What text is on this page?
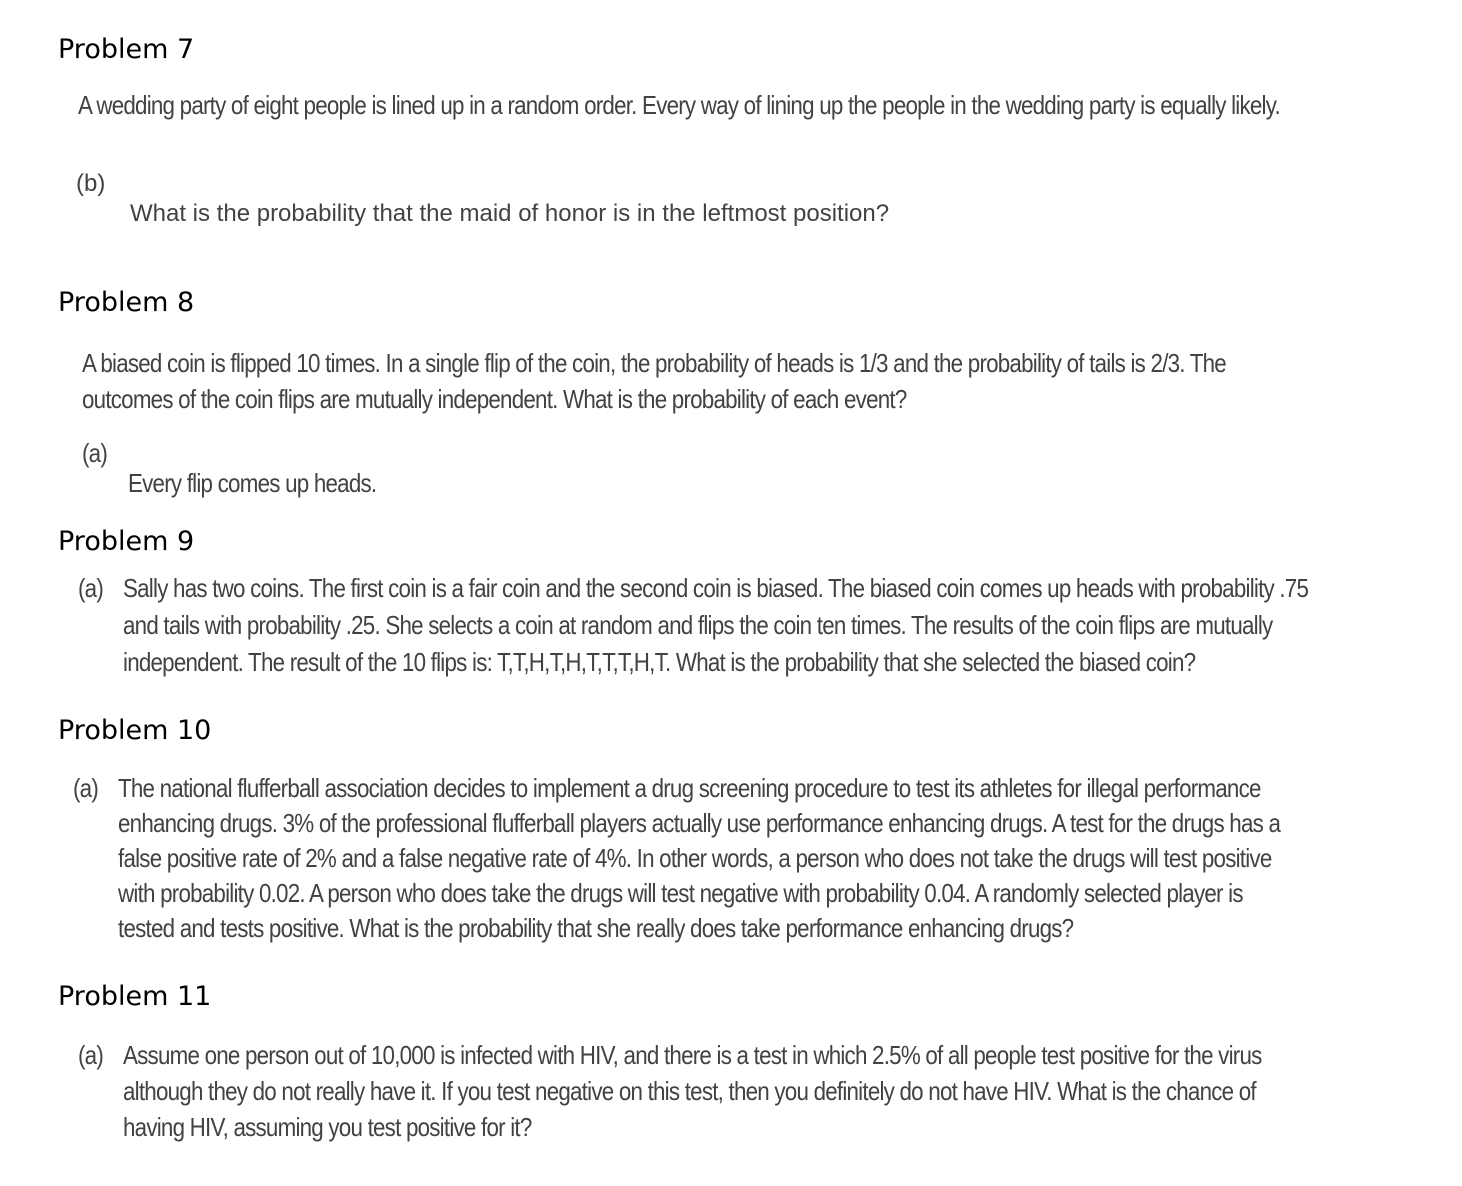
Problem 7
A wedding party of eight people is lined up in a random order. Every way of lining up the people in the wedding party is equally likely.
(b)
What is the probability that the maid of honor is in the leftmost position?
Problem 8
A biased coin is flipped 10 times. In a single flip of the coin, the probability of heads is 1/3 and the probability of tails is 2/3. The
outcomes of the coin flips are mutually independent. What is the probability of each event?
(a)
Every flip comes up heads.
Problem 9
(a) Sally has two coins. The first coin is a fair coin and the second coin is biased. The biased coin comes up heads with probability .75
and tails with probability .25. She selects a coin at random and flips the coin ten times. The results of the coin flips are mutually
independent. The result of the 10 flips is: T,T,H,T,H,T,T,T,H,T. What is the probability that she selected the biased coin?
Problem 10
(a) The national flufferball association decides to implement a drug screening procedure to test its athletes for illegal performance
enhancing drugs. 3% of the professional flufferball players actually use performance enhancing drugs. A test for the drugs has a
false positive rate of 2% and a false negative rate of 4%. In other words, a person who does not take the drugs will test positive
with probability 0.02. A person who does take the drugs will test negative with probability 0.04. A randomly selected player is
tested and tests positive. What is the probability that she really does take performance enhancing drugs?
Problem 11
(a) Assume one person out of 10,000 is infected with HIV, and there is a test in which 2.5% of all people test positive for the virus
although they do not really have it. If you test negative on this test, then you definitely do not have HIV. What is the chance of
having HIV, assuming you test positive for it?
